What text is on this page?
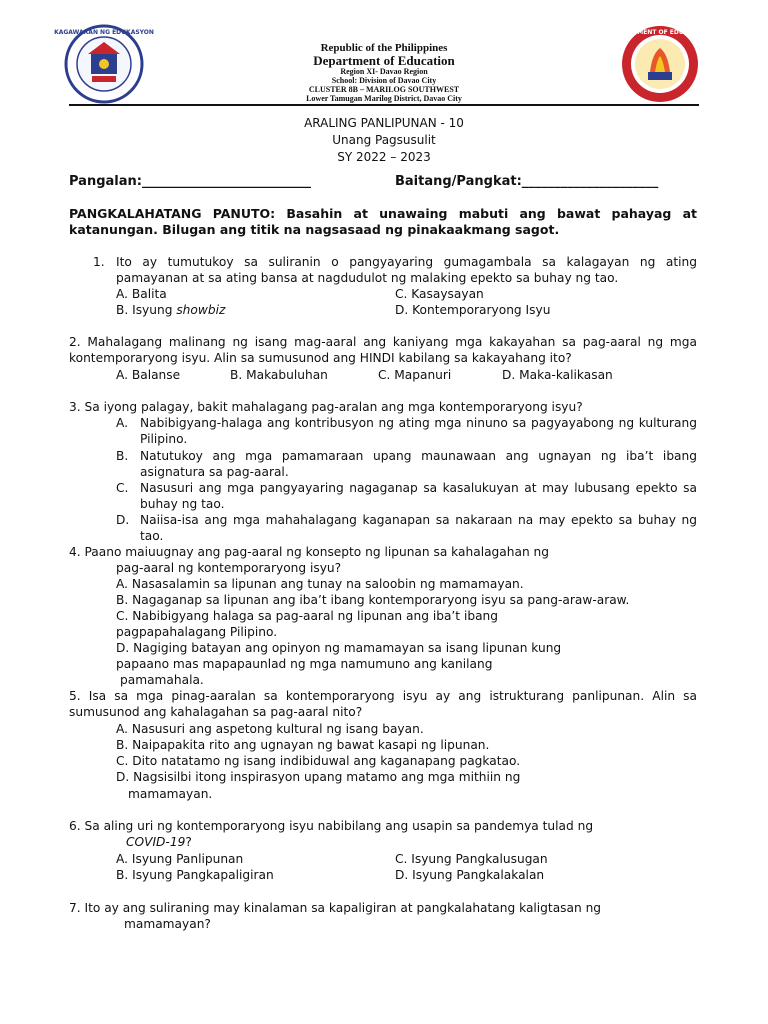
KAGAWARAN NG EDUKASYON
Republic of the Philippines
Department of Education
Region XI- Davao Region
School: Division of Davao City
CLUSTER 8B – MARILOG SOUTHWEST
Lower Tamugan Marilog District, Davao City
DEPARTMENT OF EDUCATION
ARALING PANLIPUNAN - 10
Unang Pagsusulit
SY 2022 – 2023
Pangalan:__________________________	Baitang/Pangkat:_____________________
PANGKALAHATANG PANUTO: Basahin at unawaing mabuti ang bawat pahayag at katanungan. Bilugan ang titik na nagsasaad ng pinakaakmang sagot.
1. Ito ay tumutukoy sa suliranin o pangyayaring gumagambala sa kalagayan ng ating pamayanan at sa ating bansa at nagdudulot ng malaking epekto sa buhay ng tao.
A. Balita	C. Kasaysayan
B. Isyung showbiz	D. Kontemporaryong Isyu
2. Mahalagang malinang ng isang mag-aaral ang kaniyang mga kakayahan sa pag-aaral ng mga kontemporaryong isyu. Alin sa sumusunod ang HINDI kabilang sa kakayahang ito?
A. Balanse	B. Makabuluhan	C. Mapanuri	D. Maka-kalikasan
3. Sa iyong palagay, bakit mahalagang pag-aralan ang mga kontemporaryong isyu?
A. Nabibigyang-halaga ang kontribusyon ng ating mga ninuno sa pagyayabong ng kulturang Pilipino.
B. Natutukoy ang mga pamamaraan upang maunawaan ang ugnayan ng iba’t ibang asignatura sa pag-aaral.
C. Nasusuri ang mga pangyayaring nagaganap sa kasalukuyan at may lubusang epekto sa buhay ng tao.
D. Naiisa-isa ang mga mahahalagang kaganapan sa nakaraan na may epekto sa buhay ng tao.
4. Paano maiuugnay ang pag-aaral ng konsepto ng lipunan sa kahalagahan ng
pag-aaral ng kontemporaryong isyu?
A. Nasasalamin sa lipunan ang tunay na saloobin ng mamamayan.
B. Nagaganap sa lipunan ang iba’t ibang kontemporaryong isyu sa pang-araw-araw.
C. Nabibigyang halaga sa pag-aaral ng lipunan ang iba’t ibang
pagpapahalagang Pilipino.
D. Nagiging batayan ang opinyon ng mamamayan sa isang lipunan kung
papaano mas mapapaunlad ng mga namumuno ang kanilang
pamamahala.
5. Isa sa mga pinag-aaralan sa kontemporaryong isyu ay ang istrukturang panlipunan. Alin sa sumusunod ang kahalagahan sa pag-aaral nito?
A. Nasusuri ang aspetong kultural ng isang bayan.
B. Naipapakita rito ang ugnayan ng bawat kasapi ng lipunan.
C. Dito natatamo ng isang indibiduwal ang kaganapang pagkatao.
D. Nagsisilbi itong inspirasyon upang matamo ang mga mithiin ng
mamamayan.
6. Sa aling uri ng kontemporaryong isyu nabibilang ang usapin sa pandemya tulad ng
COVID-19?
A. Isyung Panlipunan	C. Isyung Pangkalusugan
B. Isyung Pangkapaligiran	D. Isyung Pangkalakalan
7. Ito ay ang suliraning may kinalaman sa kapaligiran at pangkalahatang kaligtasan ng
mamamayan?
